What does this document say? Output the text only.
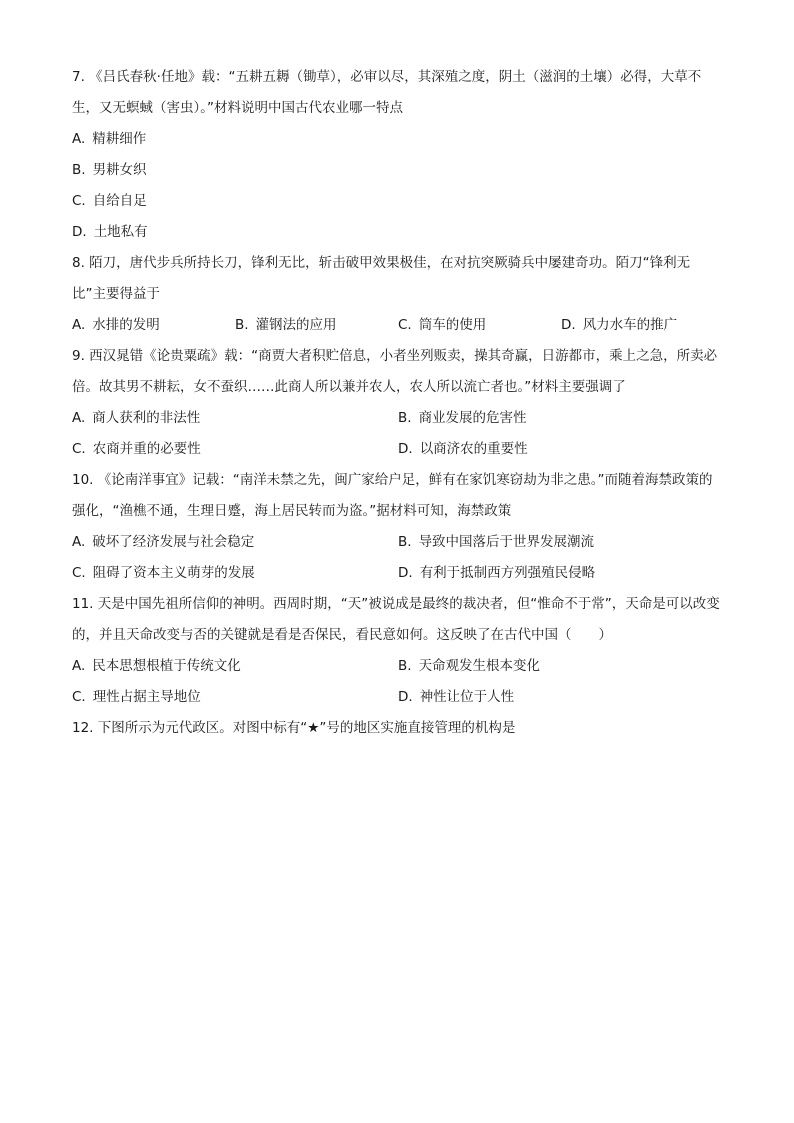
7. 《吕氏春秋·任地》载：“五耕五耨（锄草），必审以尽，其深殖之度，阴土（滋润的土壤）必得，大草不生，又无螟蜮（害虫）。”材料说明中国古代农业哪一特点

A. 精耕细作

B. 男耕女织

C. 自给自足

D. 土地私有

8. 陌刀，唐代步兵所持长刀，锋利无比，斩击破甲效果极佳，在对抗突厥骑兵中屡建奇功。陌刀“锋利无比”主要得益于

A. 水排的发明	B. 灌钢法的应用	C. 筒车的使用	D. 风力水车的推广

9. 西汉晁错《论贵粟疏》载：“商贾大者积贮倍息，小者坐列贩卖，操其奇赢，日游都市，乘上之急，所卖必倍。故其男不耕耘，女不蚕织……此商人所以兼并农人，农人所以流亡者也。”材料主要强调了

A. 商人获利的非法性	B. 商业发展的危害性
C. 农商并重的必要性	D. 以商济农的重要性

10. 《论南洋事宜》记载：“南洋未禁之先，闽广家给户足，鲜有在家饥寒窃劫为非之患。”而随着海禁政策的强化，“渔樵不通，生理日蹙，海上居民转而为盗。”据材料可知，海禁政策

A. 破坏了经济发展与社会稳定	B. 导致中国落后于世界发展潮流
C. 阻碍了资本主义萌芽的发展	D. 有利于抵制西方列强殖民侵略

11. 天是中国先祖所信仰的神明。西周时期，“天”被说成是最终的裁决者，但“惟命不于常”，天命是可以改变的，并且天命改变与否的关键就是看是否保民，看民意如何。这反映了在古代中国（　　）

A. 民本思想根植于传统文化	B. 天命观发生根本变化
C. 理性占据主导地位	D. 神性让位于人性

12. 下图所示为元代政区。对图中标有“★”号的地区实施直接管理的机构是
